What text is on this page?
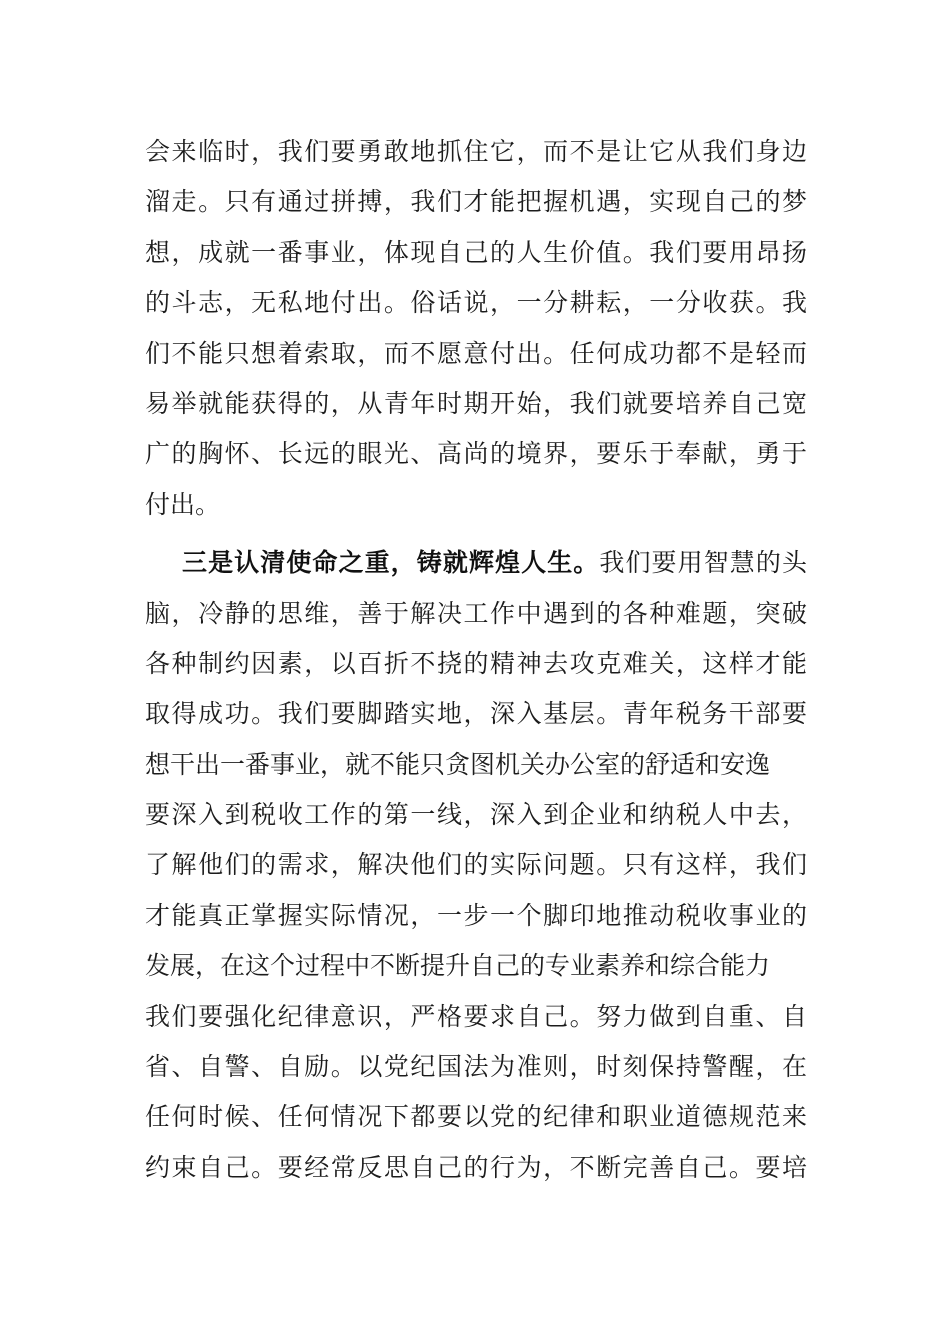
会来临时，我们要勇敢地抓住它，而不是让它从我们身边
溜走。只有通过拼搏，我们才能把握机遇，实现自己的梦
想，成就一番事业，体现自己的人生价值。我们要用昂扬
的斗志，无私地付出。俗话说，一分耕耘，一分收获。我
们不能只想着索取，而不愿意付出。任何成功都不是轻而
易举就能获得的，从青年时期开始，我们就要培养自己宽
广的胸怀、长远的眼光、高尚的境界，要乐于奉献，勇于
付出。
三是认清使命之重，铸就辉煌人生。我们要用智慧的头
脑，冷静的思维，善于解决工作中遇到的各种难题，突破
各种制约因素，以百折不挠的精神去攻克难关，这样才能
取得成功。我们要脚踏实地，深入基层。青年税务干部要
想干出一番事业，就不能只贪图机关办公室的舒适和安逸
要深入到税收工作的第一线，深入到企业和纳税人中去，
了解他们的需求，解决他们的实际问题。只有这样，我们
才能真正掌握实际情况，一步一个脚印地推动税收事业的
发展，在这个过程中不断提升自己的专业素养和综合能力
我们要强化纪律意识，严格要求自己。努力做到自重、自
省、自警、自励。以党纪国法为准则，时刻保持警醒，在
任何时候、任何情况下都要以党的纪律和职业道德规范来
约束自己。要经常反思自己的行为，不断完善自己。要培
